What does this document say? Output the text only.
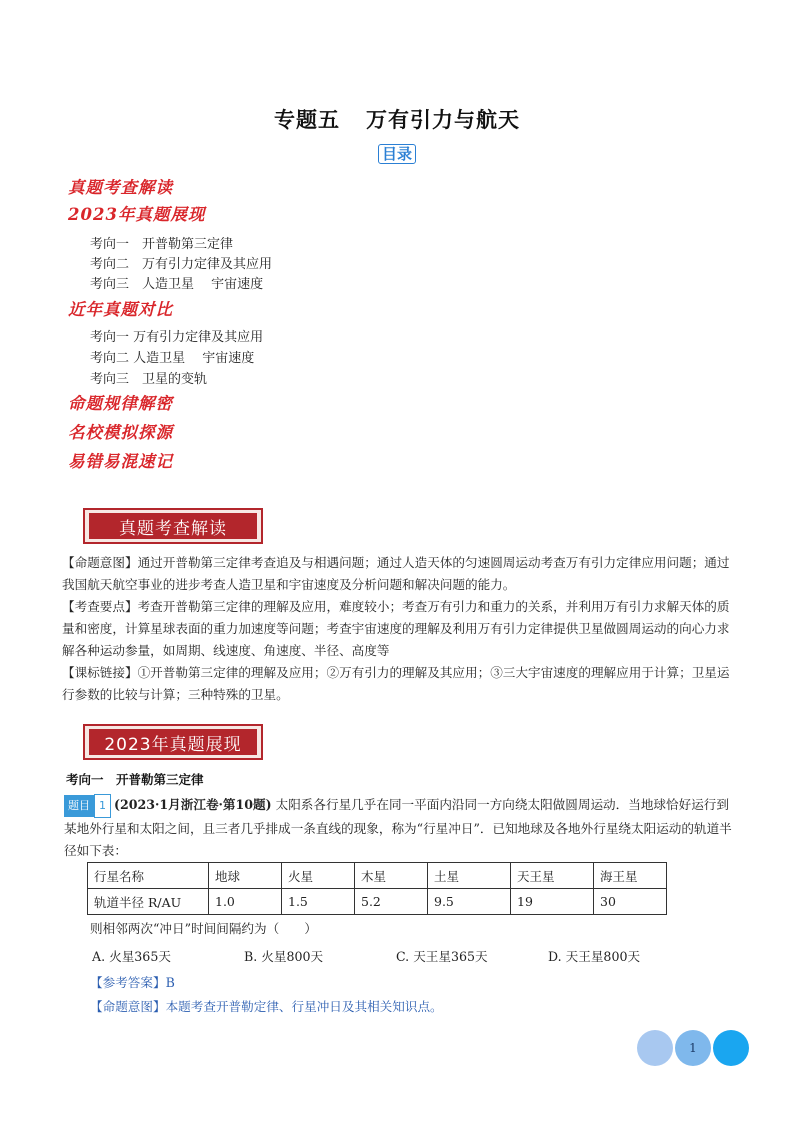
专题五 万有引力与航天
目录
真题考查解读
2023年真题展现
考向一　 开普勒第三定律
考向二　 万有引力定律及其应用
考向三　 人造卫星　 宇宙速度
近年真题对比
考向一 万有引力定律及其应用
考向二 人造卫星　 宇宙速度
考向三　 卫星的变轨
命题规律解密
名校模拟探源
易错易混速记
真题考查解读

【命题意图】通过开普勒第三定律考查追及与相遇问题；通过人造天体的匀速圆周运动考查万有引力定律应用问题；通过我国航天航空事业的进步考查人造卫星和宇宙速度及分析问题和解决问题的能力。

【考查要点】考查开普勒第三定律的理解及应用，难度较小；考查万有引力和重力的关系，并利用万有引力求解天体的质量和密度，计算星球表面的重力加速度等问题；考查宇宙速度的理解及利用万有引力定律提供卫星做圆周运动的向心力求解各种运动参量，如周期、线速度、角速度、半径、高度等

【课标链接】①开普勒第三定律的理解及应用；②万有引力的理解及其应用；③三大宇宙速度的理解应用于计算；卫星运行参数的比较与计算；三种特殊的卫星。

2023年真题展现
考向一　开普勒第三定律

题目 1 (2023·1月浙江卷·第10题) 太阳系各行星几乎在同一平面内沿同一方向绕太阳做圆周运动．当地球恰好运行到某地外行星和太阳之间，且三者几乎排成一条直线的现象，称为“行星冲日”．已知地球及各地外行星绕太阳运动的轨道半径如下表：

行星名称	地球	火星	木星	土星	天王星	海王星
轨道半径 R/AU	1.0	1.5	5.2	9.5	19	30
则相邻两次“冲日”时间间隔约为（　　）
A. 火星365天	B. 火星800天	C. 天王星365天	D. 天王星800天
【参考答案】B
【命题意图】本题考查开普勒定律、行星冲日及其相关知识点。
1
